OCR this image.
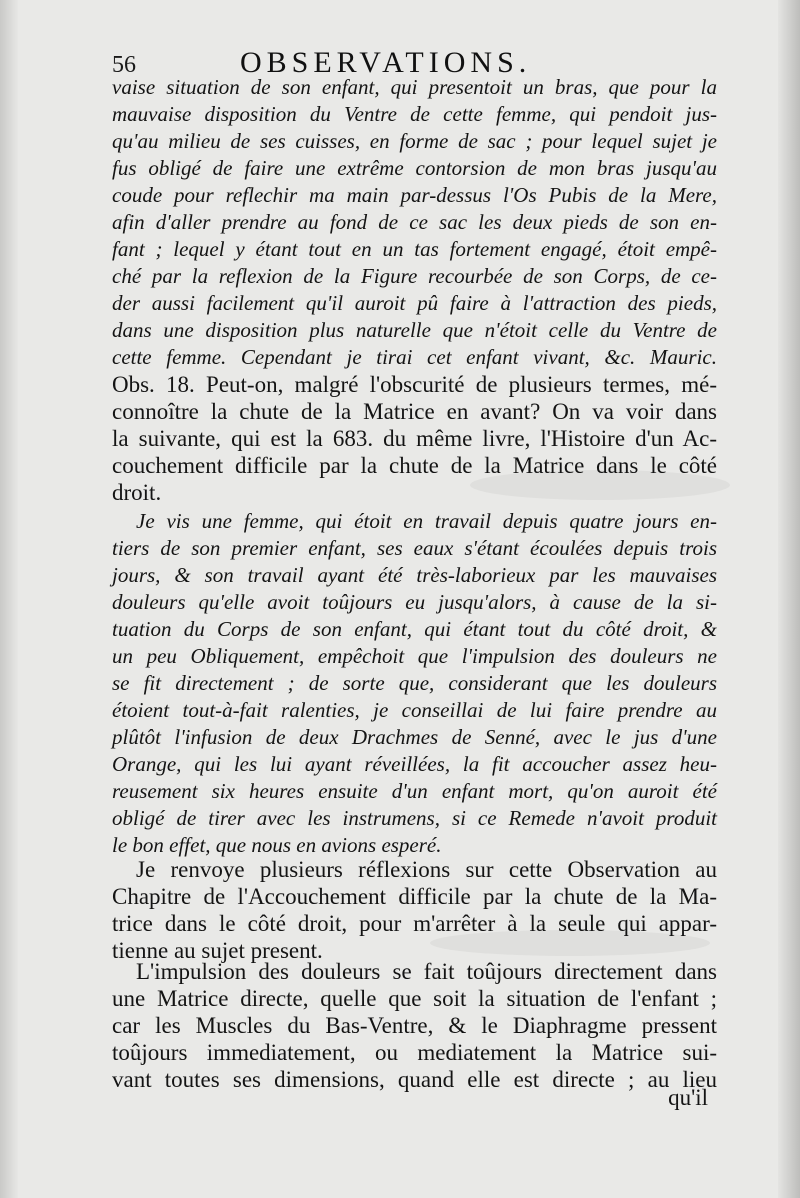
56	OBSERVATIONS.
vaise situation de son enfant, qui presentoit un bras, que pour la
mauvaise disposition du Ventre de cette femme, qui pendoit jus-
qu'au milieu de ses cuisses, en forme de sac ; pour lequel sujet je
fus obligé de faire une extrême contorsion de mon bras jusqu'au
coude pour reflechir ma main par-dessus l'Os Pubis de la Mere,
afin d'aller prendre au fond de ce sac les deux pieds de son en-
fant ; lequel y étant tout en un tas fortement engagé, étoit empê-
ché par la reflexion de la Figure recourbée de son Corps, de ce-
der aussi facilement qu'il auroit pû faire à l'attraction des pieds,
dans une disposition plus naturelle que n'étoit celle du Ventre de
cette femme. Cependant je tirai cet enfant vivant, &c. Mauric.
Obs. 18. Peut-on, malgré l'obscurité de plusieurs termes, mé-
connoître la chute de la Matrice en avant? On va voir dans
la suivante, qui est la 683. du même livre, l'Histoire d'un Ac-
couchement difficile par la chute de la Matrice dans le côté
droit.
Je vis une femme, qui étoit en travail depuis quatre jours en-
tiers de son premier enfant, ses eaux s'étant écoulées depuis trois
jours, & son travail ayant été très-laborieux par les mauvaises
douleurs qu'elle avoit toûjours eu jusqu'alors, à cause de la si-
tuation du Corps de son enfant, qui étant tout du côté droit, &
un peu Obliquement, empêchoit que l'impulsion des douleurs ne
se fit directement ; de sorte que, considerant que les douleurs
étoient tout-à-fait ralenties, je conseillai de lui faire prendre au
plûtôt l'infusion de deux Drachmes de Senné, avec le jus d'une
Orange, qui les lui ayant réveillées, la fit accoucher assez heu-
reusement six heures ensuite d'un enfant mort, qu'on auroit été
obligé de tirer avec les instrumens, si ce Remede n'avoit produit
le bon effet, que nous en avions esperé.
Je renvoye plusieurs réflexions sur cette Observation au
Chapitre de l'Accouchement difficile par la chute de la Ma-
trice dans le côté droit, pour m'arrêter à la seule qui appar-
tienne au sujet present.
L'impulsion des douleurs se fait toûjours directement dans
une Matrice directe, quelle que soit la situation de l'enfant ;
car les Muscles du Bas-Ventre, & le Diaphragme pressent
toûjours immediatement, ou mediatement la Matrice sui-
vant toutes ses dimensions, quand elle est directe ; au lieu
qu'il
